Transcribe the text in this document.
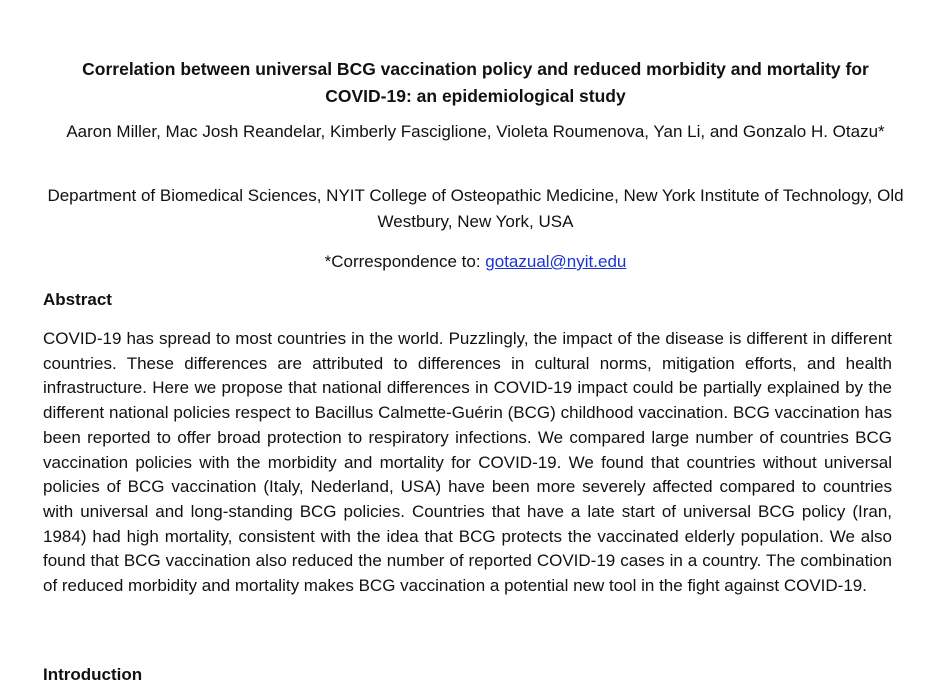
Correlation between universal BCG vaccination policy and reduced morbidity and mortality for COVID-19: an epidemiological study

Aaron Miller, Mac Josh Reandelar, Kimberly Fasciglione, Violeta Roumenova, Yan Li, and Gonzalo H. Otazu*

Department of Biomedical Sciences, NYIT College of Osteopathic Medicine, New York Institute of Technology, Old Westbury, New York, USA

*Correspondence to: gotazual@nyit.edu

Abstract

COVID-19 has spread to most countries in the world. Puzzlingly, the impact of the disease is different in different countries. These differences are attributed to differences in cultural norms, mitigation efforts, and health infrastructure. Here we propose that national differences in COVID-19 impact could be partially explained by the different national policies respect to Bacillus Calmette-Guérin (BCG) childhood vaccination. BCG vaccination has been reported to offer broad protection to respiratory infections. We compared large number of countries BCG vaccination policies with the morbidity and mortality for COVID-19. We found that countries without universal policies of BCG vaccination (Italy, Nederland, USA) have been more severely affected compared to countries with universal and long-standing BCG policies. Countries that have a late start of universal BCG policy (Iran, 1984) had high mortality, consistent with the idea that BCG protects the vaccinated elderly population. We also found that BCG vaccination also reduced the number of reported COVID-19 cases in a country. The combination of reduced morbidity and mortality makes BCG vaccination a potential new tool in the fight against COVID-19.

Introduction
